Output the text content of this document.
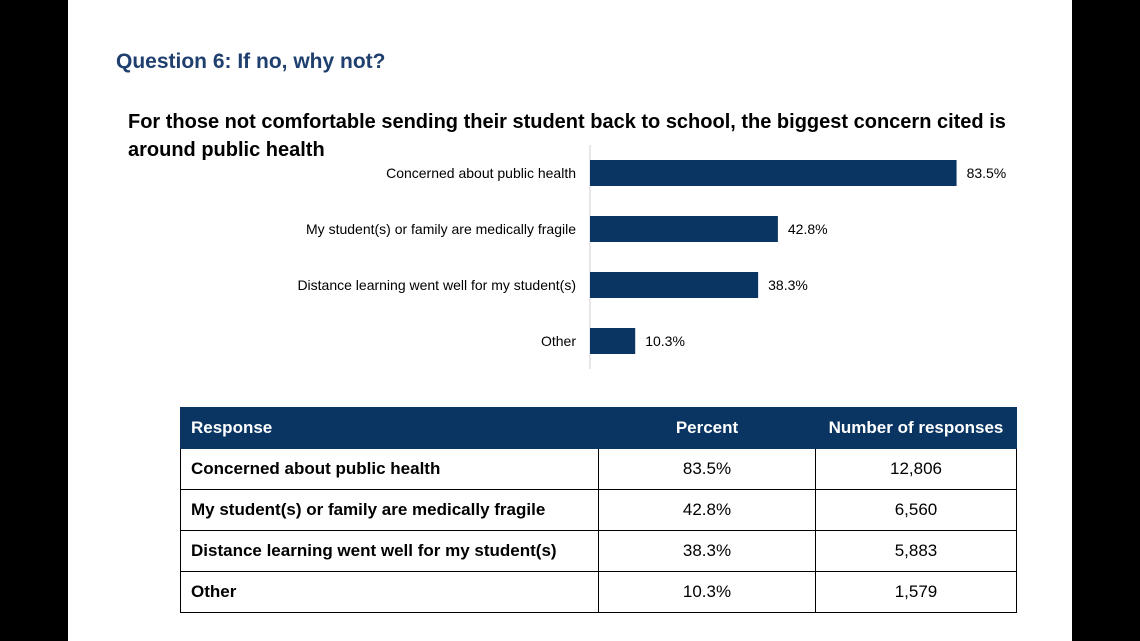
Question 6: If no, why not?
For those not comfortable sending their student back to school, the biggest concern cited is around public health
Concerned about public health	83.5%
My student(s) or family are medically fragile	42.8%
Distance learning went well for my student(s)	38.3%
Other	10.3%
Response	Percent	Number of responses
Concerned about public health	83.5%	12,806
My student(s) or family are medically fragile	42.8%	6,560
Distance learning went well for my student(s)	38.3%	5,883
Other	10.3%	1,579
